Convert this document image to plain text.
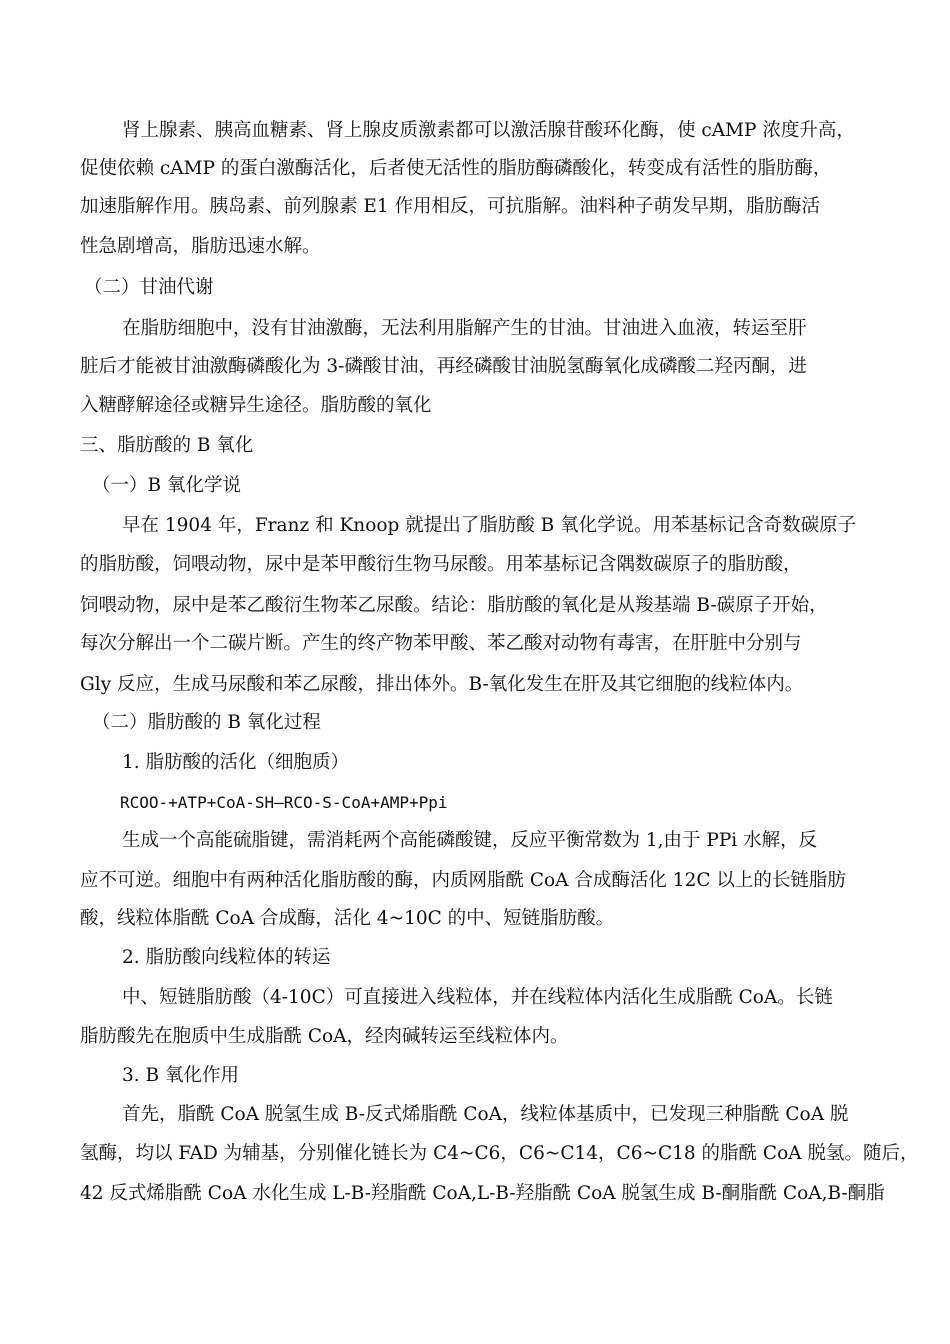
肾上腺素、胰高血糖素、肾上腺皮质激素都可以激活腺苷酸环化酶，使 cAMP 浓度升高，
促使依赖 cAMP 的蛋白激酶活化，后者使无活性的脂肪酶磷酸化，转变成有活性的脂肪酶，
加速脂解作用。胰岛素、前列腺素 E1 作用相反，可抗脂解。油料种子萌发早期，脂肪酶活
性急剧增高，脂肪迅速水解。
（二）甘油代谢
在脂肪细胞中，没有甘油激酶，无法利用脂解产生的甘油。甘油进入血液，转运至肝
脏后才能被甘油激酶磷酸化为 3-磷酸甘油，再经磷酸甘油脱氢酶氧化成磷酸二羟丙酮，进
入糖酵解途径或糖异生途径。脂肪酸的氧化
三、脂肪酸的 B 氧化
（一）B 氧化学说
早在 1904 年，Franz 和 Knoop 就提出了脂肪酸 B 氧化学说。用苯基标记含奇数碳原子
的脂肪酸，饲喂动物，尿中是苯甲酸衍生物马尿酸。用苯基标记含隅数碳原子的脂肪酸，
饲喂动物，尿中是苯乙酸衍生物苯乙尿酸。结论：脂肪酸的氧化是从羧基端 B-碳原子开始，
每次分解出一个二碳片断。产生的终产物苯甲酸、苯乙酸对动物有毒害，在肝脏中分别与
Gly 反应，生成马尿酸和苯乙尿酸，排出体外。B-氧化发生在肝及其它细胞的线粒体内。
（二）脂肪酸的 B 氧化过程
1. 脂肪酸的活化（细胞质）
RCOO-+ATP+CoA-SH—RCO-S-CoA+AMP+Ppi
生成一个高能硫脂键，需消耗两个高能磷酸键，反应平衡常数为 1,由于 PPi 水解，反
应不可逆。细胞中有两种活化脂肪酸的酶，内质网脂酰 CoA 合成酶活化 12C 以上的长链脂肪
酸，线粒体脂酰 CoA 合成酶，活化 4~10C 的中、短链脂肪酸。
2. 脂肪酸向线粒体的转运
中、短链脂肪酸（4-10C）可直接进入线粒体，并在线粒体内活化生成脂酰 CoA。长链
脂肪酸先在胞质中生成脂酰 CoA，经肉碱转运至线粒体内。
3. B 氧化作用
首先，脂酰 CoA 脱氢生成 B-反式烯脂酰 CoA，线粒体基质中，已发现三种脂酰 CoA 脱
氢酶，均以 FAD 为辅基，分别催化链长为 C4~C6，C6~C14，C6~C18 的脂酰 CoA 脱氢。随后，
42 反式烯脂酰 CoA 水化生成 L-B-羟脂酰 CoA,L-B-羟脂酰 CoA 脱氢生成 B-酮脂酰 CoA,B-酮脂
